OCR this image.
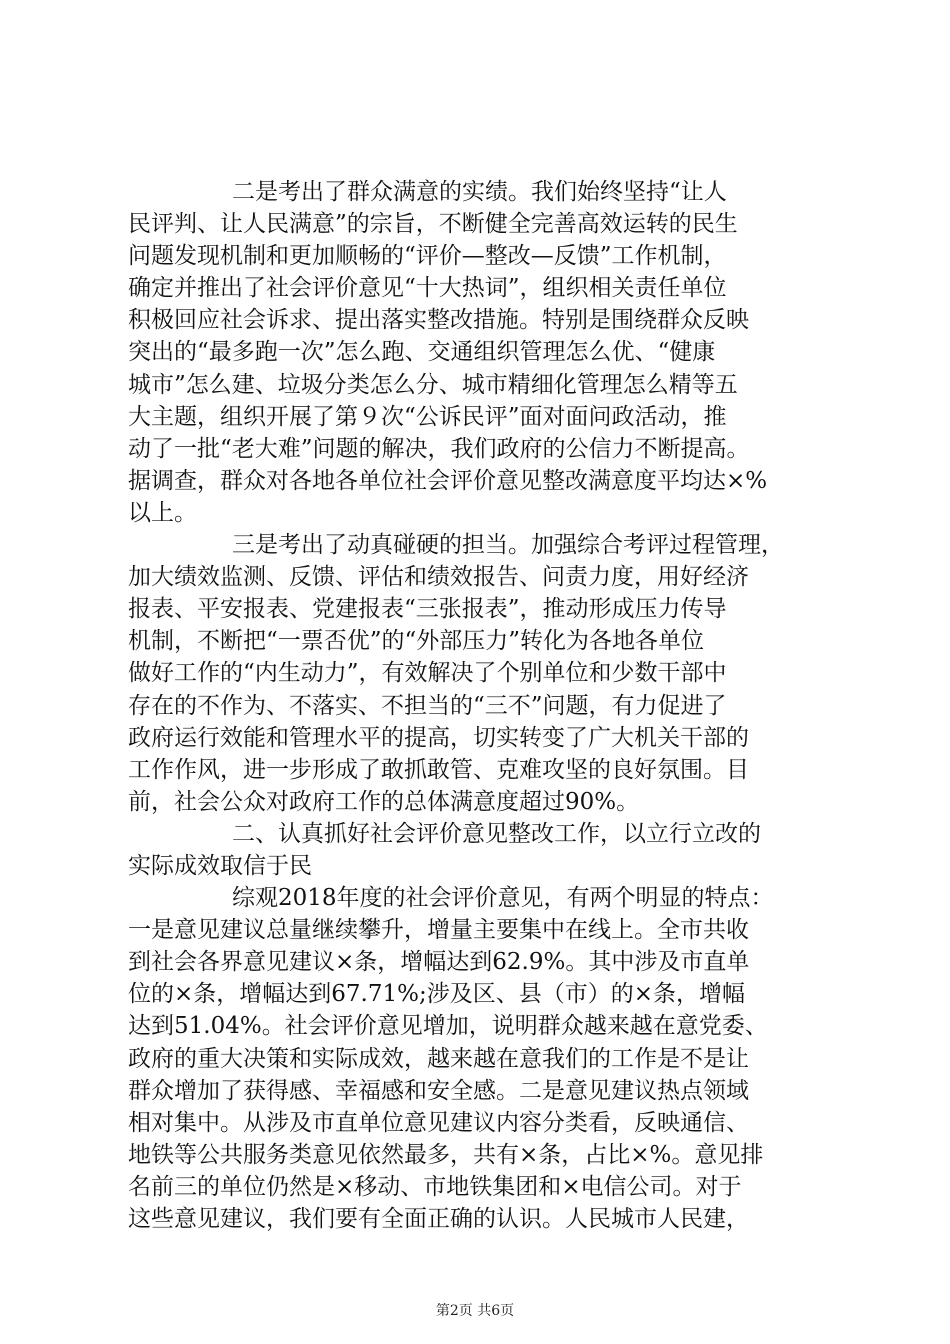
二是考出了群众满意的实绩。我们始终坚持“让人
民评判、让人民满意”的宗旨，不断健全完善高效运转的民生
问题发现机制和更加顺畅的“评价—整改—反馈”工作机制，
确定并推出了社会评价意见“十大热词”，组织相关责任单位
积极回应社会诉求、提出落实整改措施。特别是围绕群众反映
突出的“最多跑一次”怎么跑、交通组织管理怎么优、“健康
城市”怎么建、垃圾分类怎么分、城市精细化管理怎么精等五
大主题，组织开展了第９次“公诉民评”面对面问政活动，推
动了一批“老大难”问题的解决，我们政府的公信力不断提高。
据调查，群众对各地各单位社会评价意见整改满意度平均达×%
以上。
三是考出了动真碰硬的担当。加强综合考评过程管理，
加大绩效监测、反馈、评估和绩效报告、问责力度，用好经济
报表、平安报表、党建报表“三张报表”，推动形成压力传导
机制，不断把“一票否优”的“外部压力”转化为各地各单位
做好工作的“内生动力”，有效解决了个别单位和少数干部中
存在的不作为、不落实、不担当的“三不”问题，有力促进了
政府运行效能和管理水平的提高，切实转变了广大机关干部的
工作作风，进一步形成了敢抓敢管、克难攻坚的良好氛围。目
前，社会公众对政府工作的总体满意度超过90%。
二、认真抓好社会评价意见整改工作，以立行立改的
实际成效取信于民
综观2018年度的社会评价意见，有两个明显的特点：
一是意见建议总量继续攀升，增量主要集中在线上。全市共收
到社会各界意见建议×条，增幅达到62.9%。其中涉及市直单
位的×条，增幅达到67.71%;涉及区、县（市）的×条，增幅
达到51.04%。社会评价意见增加，说明群众越来越在意党委、
政府的重大决策和实际成效，越来越在意我们的工作是不是让
群众增加了获得感、幸福感和安全感。二是意见建议热点领域
相对集中。从涉及市直单位意见建议内容分类看，反映通信、
地铁等公共服务类意见依然最多，共有×条，占比×%。意见排
名前三的单位仍然是×移动、市地铁集团和×电信公司。对于
这些意见建议，我们要有全面正确的认识。人民城市人民建，
第2页 共6页
